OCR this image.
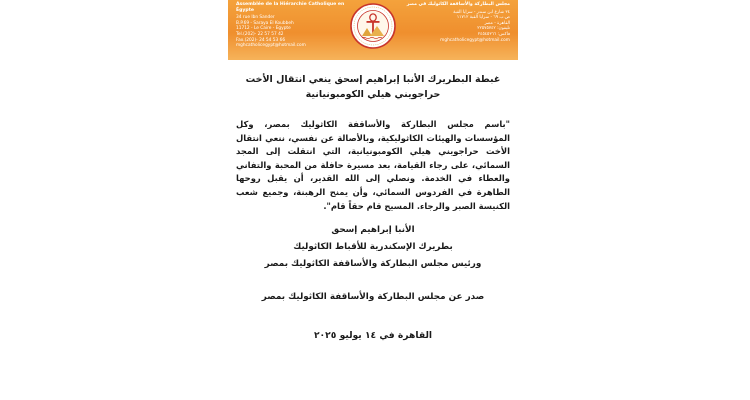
Assemblée de la Hiérarchie Catholique en Égypte
34 rue Ibn Sander
B.P.69 - Saraya El Koubbeh
11712 - Le Caire - Egypte
Tel.(202)- 22 57 57 42
Fax.(202)- 24 54 53 66
mghcatholicegypt@hotmail.com
مجلس البطاركة والأساقفة الكاثوليك في مصر
٣٤ شارع ابن سندر - سرايا القبة
ص.ب ٦٩ - سرايا القبة ١١٧١٢
القاهرة - مصر
تليفون: ٢٢٥٧٥٧٤٢
فاكس: ٢٤٥٤٥٣٦٦
mghcatholicegypt@hotmail.com
غبطة البطريرك الأنبا إبراهيم إسحق ينعي انتقال الأخت
حراجويني هيلي الكومبونيانية
"باسم مجلس البطاركة والأساقفة الكاثوليك بمصر، وكل المؤسسات والهيئات الكاثوليكية، وبالأصالة عن نفسي، ننعي انتقال الأخت حراجويني هيلي الكومبونيانية، التي انتقلت إلى المجد السمائي، على رجاء القيامة، بعد مسيرة حافلة من المحبة والتفاني والعطاء في الخدمة. ونصلي إلى الله القدير، أن يقبل روحها الطاهرة في الفردوس السمائي، وأن يمنح الرهبنة، وجميع شعب الكنيسة الصبر والرجاء. المسيح قام حقاً قام".
الأنبا إبراهيم إسحق
بطريرك الإسكندرية للأقباط الكاثوليك
ورئيس مجلس البطاركة والأساقفة الكاثوليك بمصر
صدر عن مجلس البطاركة والأساقفة الكاثوليك بمصر
القاهرة في ١٤ يوليو ٢٠٢٥
